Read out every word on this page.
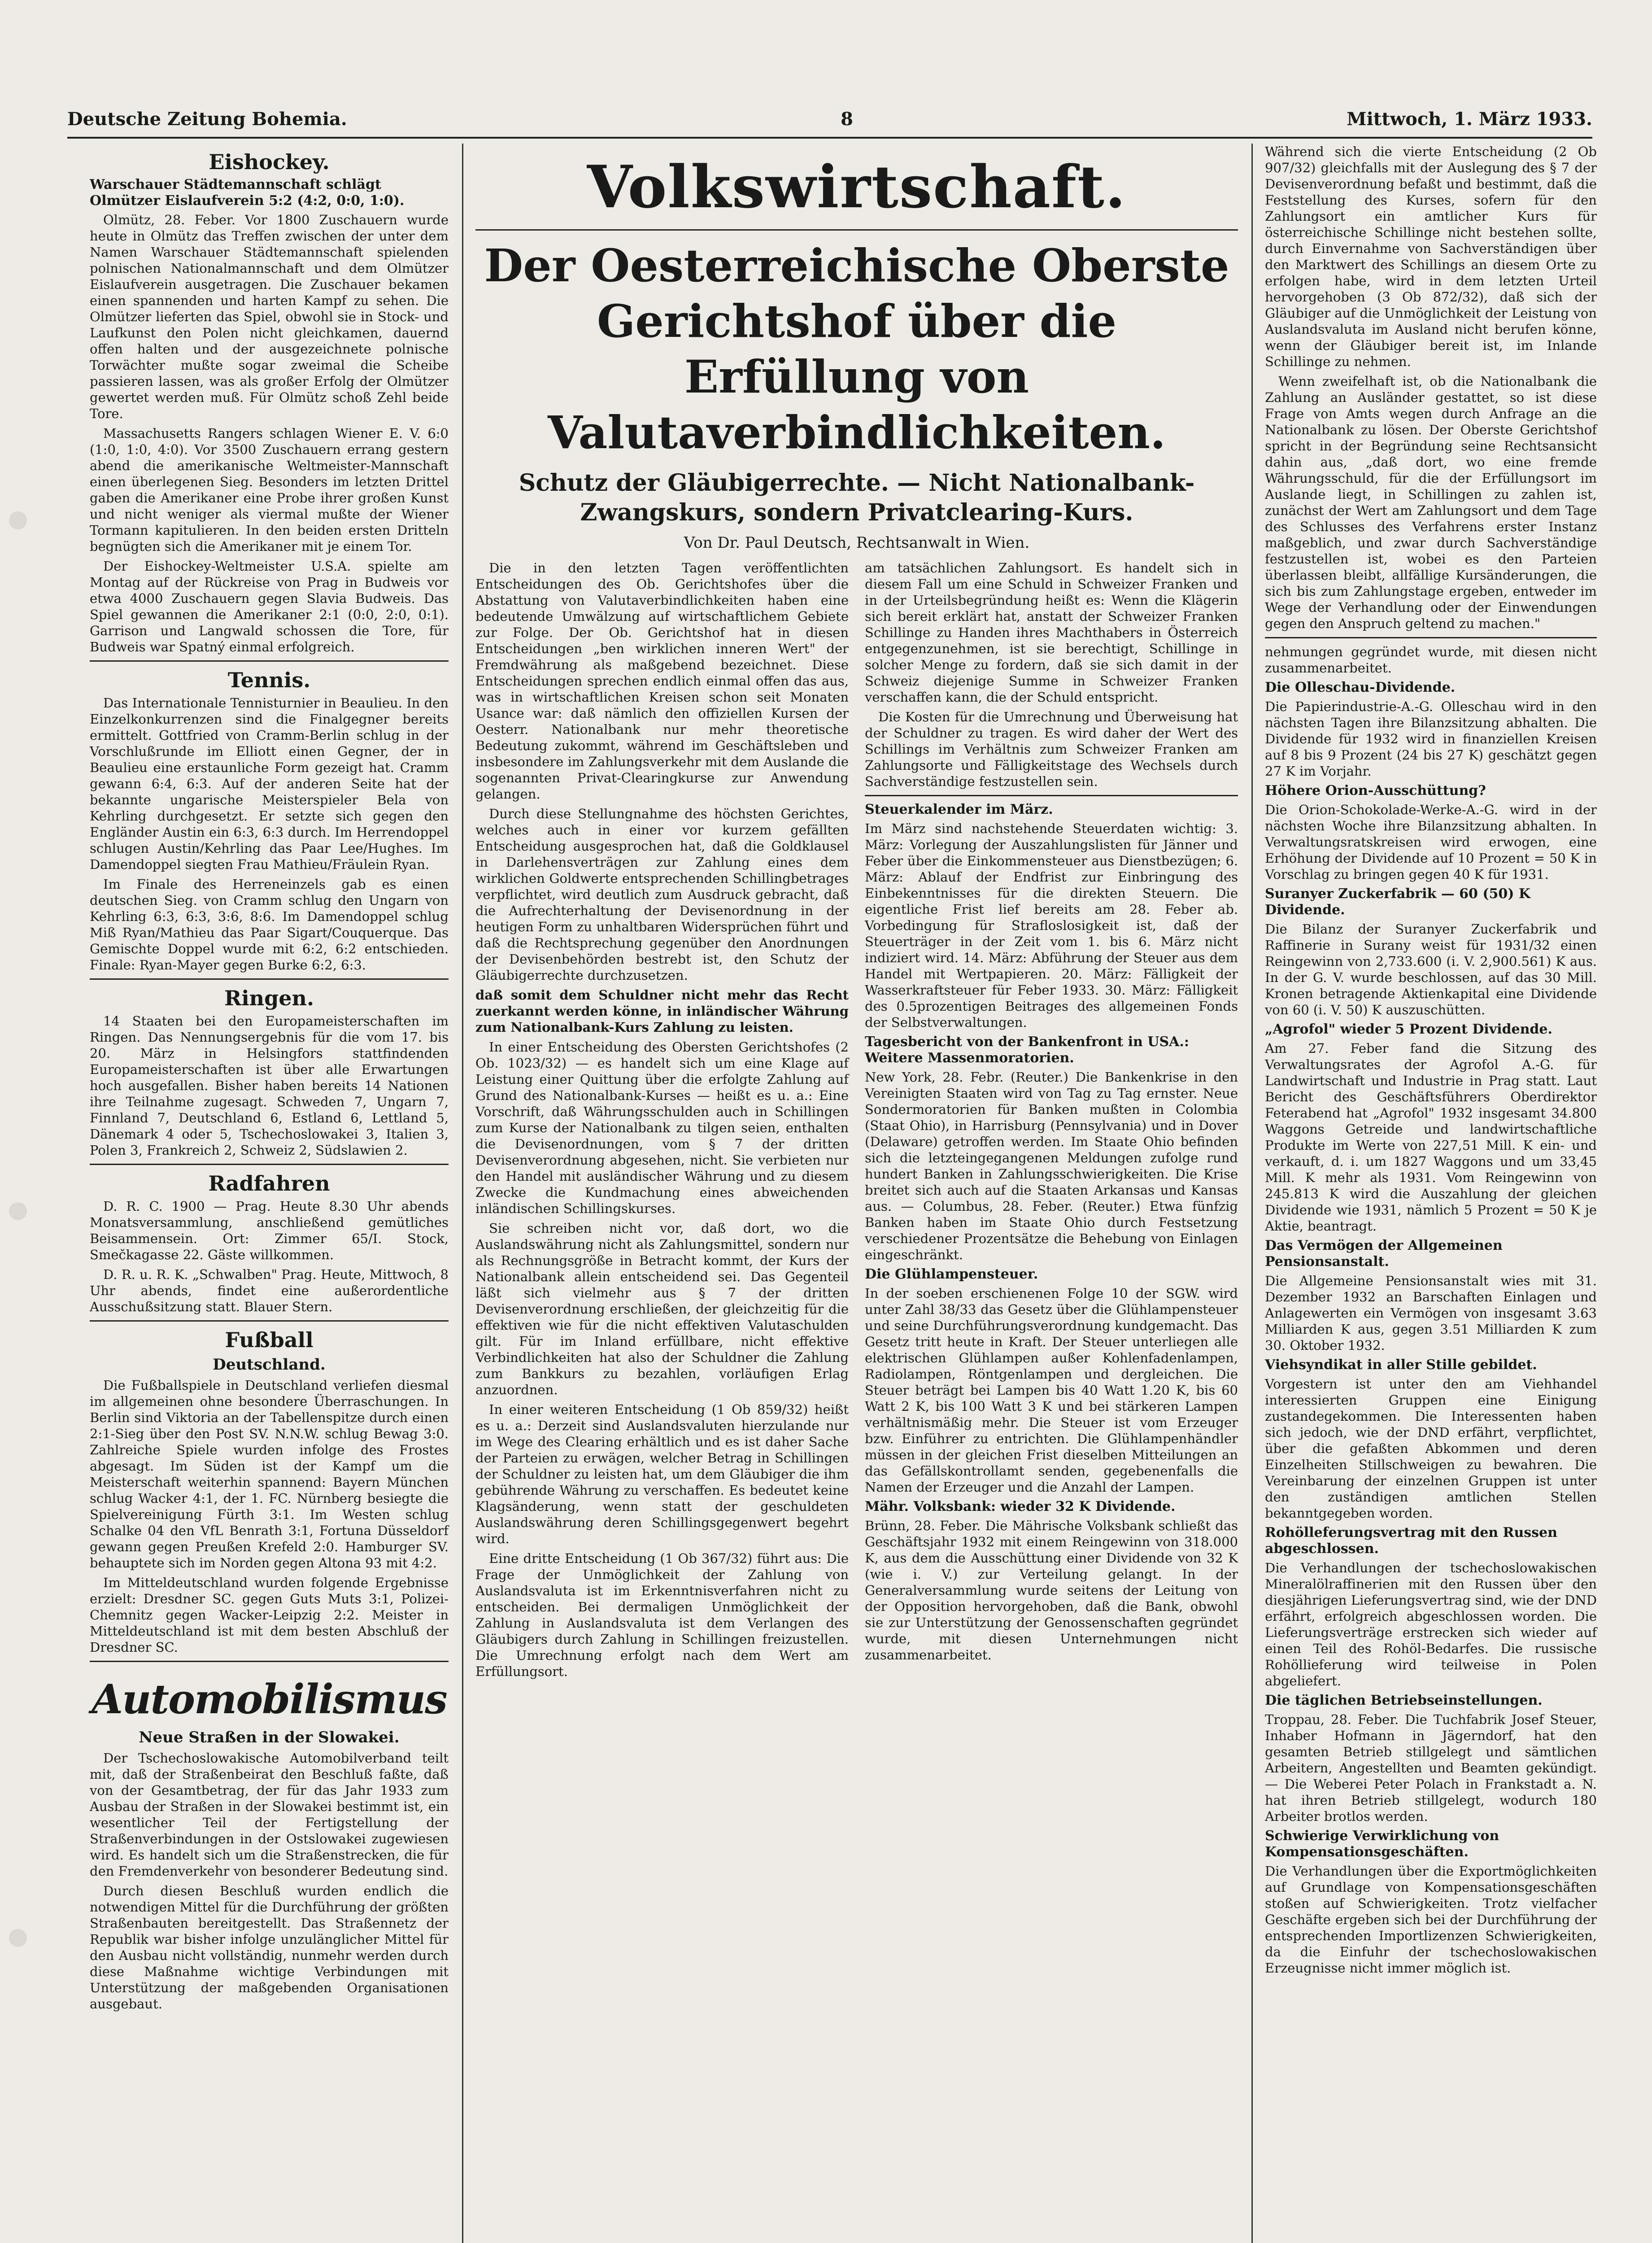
Deutsche Zeitung Bohemia.	8	Mittwoch, 1. März 1933.
Eishockey.
Warschauer Städtemannschaft schlägt Olmützer Eislaufverein 5:2 (4:2, 0:0, 1:0).

Olmütz, 28. Feber. Vor 1800 Zuschauern wurde heute in Olmütz das Treffen zwischen der unter dem Namen Warschauer Städtemannschaft spielenden polnischen Nationalmannschaft und dem Olmützer Eislaufverein ausgetragen. Die Zuschauer bekamen einen spannenden und harten Kampf zu sehen. Die Olmützer lieferten das Spiel, obwohl sie in Stock- und Laufkunst den Polen nicht gleichkamen, dauernd offen halten und der ausgezeichnete polnische Torwächter mußte sogar zweimal die Scheibe passieren lassen, was als großer Erfolg der Olmützer gewertet werden muß. Für Olmütz schoß Zehl beide Tore.

Massachusetts Rangers schlagen Wiener E. V. 6:0 (1:0, 1:0, 4:0). Vor 3500 Zuschauern errang gestern abend die amerikanische Weltmeister-Mannschaft einen überlegenen Sieg. Besonders im letzten Drittel gaben die Amerikaner eine Probe ihrer großen Kunst und nicht weniger als viermal mußte der Wiener Tormann kapitulieren. In den beiden ersten Dritteln begnügten sich die Amerikaner mit je einem Tor.

Der Eishockey-Weltmeister U.S.A. spielte am Montag auf der Rückreise von Prag in Budweis vor etwa 4000 Zuschauern gegen Slavia Budweis. Das Spiel gewannen die Amerikaner 2:1 (0:0, 2:0, 0:1). Garrison und Langwald schossen die Tore, für Budweis war Spatný einmal erfolgreich.

Tennis.

Das Internationale Tennisturnier in Beaulieu. In den Einzelkonkurrenzen sind die Finalgegner bereits ermittelt. Gottfried von Cramm-Berlin schlug in der Vorschlußrunde im Elliott einen Gegner, der in Beaulieu eine erstaunliche Form gezeigt hat. Cramm gewann 6:4, 6:3. Auf der anderen Seite hat der bekannte ungarische Meisterspieler Bela von Kehrling durchgesetzt. Er setzte sich gegen den Engländer Austin ein 6:3, 6:3 durch. Im Herrendoppel schlugen Austin/Kehrling das Paar Lee/Hughes. Im Damendoppel siegten Frau Mathieu/Fräulein Ryan.

Im Finale des Herreneinzels gab es einen deutschen Sieg. von Cramm schlug den Ungarn von Kehrling 6:3, 6:3, 3:6, 8:6. Im Damendoppel schlug Miß Ryan/Mathieu das Paar Sigart/Couquerque. Das Gemischte Doppel wurde mit 6:2, 6:2 entschieden. Finale: Ryan-Mayer gegen Burke 6:2, 6:3.

Ringen.

14 Staaten bei den Europameisterschaften im Ringen. Das Nennungsergebnis für die vom 17. bis 20. März in Helsingfors stattfindenden Europameisterschaften ist über alle Erwartungen hoch ausgefallen. Bisher haben bereits 14 Nationen ihre Teilnahme zugesagt. Schweden 7, Ungarn 7, Finnland 7, Deutschland 6, Estland 6, Lettland 5, Dänemark 4 oder 5, Tschechoslowakei 3, Italien 3, Polen 3, Frankreich 2, Schweiz 2, Südslawien 2.

Radfahren

D. R. C. 1900 — Prag. Heute 8.30 Uhr abends Monatsversammlung, anschließend gemütliches Beisammensein. Ort: Zimmer 65/I. Stock, Smečkagasse 22. Gäste willkommen.

D. R. u. R. K. „Schwalben" Prag. Heute, Mittwoch, 8 Uhr abends, findet eine außerordentliche Ausschußsitzung statt. Blauer Stern.

Fußball
Deutschland.

Die Fußballspiele in Deutschland verliefen diesmal im allgemeinen ohne besondere Überraschungen. In Berlin sind Viktoria an der Tabellenspitze durch einen 2:1-Sieg über den Post SV. N.N.W. schlug Bewag 3:0. Zahlreiche Spiele wurden infolge des Frostes abgesagt. Im Süden ist der Kampf um die Meisterschaft weiterhin spannend: Bayern München schlug Wacker 4:1, der 1. FC. Nürnberg besiegte die Spielvereinigung Fürth 3:1. Im Westen schlug Schalke 04 den VfL Benrath 3:1, Fortuna Düsseldorf gewann gegen Preußen Krefeld 2:0. Hamburger SV. behauptete sich im Norden gegen Altona 93 mit 4:2.

Im Mitteldeutschland wurden folgende Ergebnisse erzielt: Dresdner SC. gegen Guts Muts 3:1, Polizei-Chemnitz gegen Wacker-Leipzig 2:2. Meister in Mitteldeutschland ist mit dem besten Abschluß der Dresdner SC.

Automobilismus
Neue Straßen in der Slowakei.

Der Tschechoslowakische Automobilverband teilt mit, daß der Straßenbeirat den Beschluß faßte, daß von der Gesamtbetrag, der für das Jahr 1933 zum Ausbau der Straßen in der Slowakei bestimmt ist, ein wesentlicher Teil der Fertigstellung der Straßenverbindungen in der Ostslowakei zugewiesen wird. Es handelt sich um die Straßenstrecken, die für den Fremdenverkehr von besonderer Bedeutung sind.

Durch diesen Beschluß wurden endlich die notwendigen Mittel für die Durchführung der größten Straßenbauten bereitgestellt. Das Straßennetz der Republik war bisher infolge unzulänglicher Mittel für den Ausbau nicht vollständig, nunmehr werden durch diese Maßnahme wichtige Verbindungen mit Unterstützung der maßgebenden Organisationen ausgebaut.

Volkswirtschaft.
Der Oesterreichische Oberste Gerichtshof über die Erfüllung von Valutaverbindlichkeiten.
Schutz der Gläubigerrechte. — Nicht Nationalbank-Zwangskurs, sondern Privatclearing-Kurs.
Von Dr. Paul Deutsch, Rechtsanwalt in Wien.

Die in den letzten Tagen veröffentlichten Entscheidungen des Ob. Gerichtshofes über die Abstattung von Valutaverbindlichkeiten haben eine bedeutende Umwälzung auf wirtschaftlichem Gebiete zur Folge. Der Ob. Gerichtshof hat in diesen Entscheidungen „ben wirklichen inneren Wert" der Fremdwährung als maßgebend bezeichnet. Diese Entscheidungen sprechen endlich einmal offen das aus, was in wirtschaftlichen Kreisen schon seit Monaten Usance war: daß nämlich den offiziellen Kursen der Oesterr. Nationalbank nur mehr theoretische Bedeutung zukommt, während im Geschäftsleben und insbesondere im Zahlungsverkehr mit dem Auslande die sogenannten Privat-Clearingkurse zur Anwendung gelangen.

Durch diese Stellungnahme des höchsten Gerichtes, welches auch in einer vor kurzem gefällten Entscheidung ausgesprochen hat, daß die Goldklausel in Darlehensverträgen zur Zahlung eines dem wirklichen Goldwerte entsprechenden Schillingbetrages verpflichtet, wird deutlich zum Ausdruck gebracht, daß die Aufrechterhaltung der Devisenordnung in der heutigen Form zu unhaltbaren Widersprüchen führt und daß die Rechtsprechung gegenüber den Anordnungen der Devisenbehörden bestrebt ist, den Schutz der Gläubigerrechte durchzusetzen.

daß somit dem Schuldner nicht mehr das Recht zuerkannt werden könne, in inländischer Währung zum Nationalbank-Kurs Zahlung zu leisten.

In einer Entscheidung des Obersten Gerichtshofes (2 Ob. 1023/32) — es handelt sich um eine Klage auf Leistung einer Quittung über die erfolgte Zahlung auf Grund des Nationalbank-Kurses — heißt es u. a.: Eine Vorschrift, daß Währungsschulden auch in Schillingen zum Kurse der Nationalbank zu tilgen seien, enthalten die Devisenordnungen, vom § 7 der dritten Devisenverordnung abgesehen, nicht. Sie verbieten nur den Handel mit ausländischer Währung und zu diesem Zwecke die Kundmachung eines abweichenden inländischen Schillingskurses.

Sie schreiben nicht vor, daß dort, wo die Auslandswährung nicht als Zahlungsmittel, sondern nur als Rechnungsgröße in Betracht kommt, der Kurs der Nationalbank allein entscheidend sei. Das Gegenteil läßt sich vielmehr aus § 7 der dritten Devisenverordnung erschließen, der gleichzeitig für die effektiven wie für die nicht effektiven Valutaschulden gilt. Für im Inland erfüllbare, nicht effektive Verbindlichkeiten hat also der Schuldner die Zahlung zum Bankkurs zu bezahlen, vorläufigen Erlag anzuordnen.

In einer weiteren Entscheidung (1 Ob 859/32) heißt es u. a.: Derzeit sind Auslandsvaluten hierzulande nur im Wege des Clearing erhältlich und es ist daher Sache der Parteien zu erwägen, welcher Betrag in Schillingen der Schuldner zu leisten hat, um dem Gläubiger die ihm gebührende Währung zu verschaffen. Es bedeutet keine Klagsänderung, wenn statt der geschuldeten Auslandswährung deren Schillingsgegenwert begehrt wird.

Eine dritte Entscheidung (1 Ob 367/32) führt aus: Die Frage der Unmöglichkeit der Zahlung von Auslandsvaluta ist im Erkenntnisverfahren nicht zu entscheiden. Bei dermaligen Unmöglichkeit der Zahlung in Auslandsvaluta ist dem Verlangen des Gläubigers durch Zahlung in Schillingen freizustellen. Die Umrechnung erfolgt nach dem Wert am Erfüllungsort.

am tatsächlichen Zahlungsort. Es handelt sich in diesem Fall um eine Schuld in Schweizer Franken und in der Urteilsbegründung heißt es: Wenn die Klägerin sich bereit erklärt hat, anstatt der Schweizer Franken Schillinge zu Handen ihres Machthabers in Österreich entgegenzunehmen, ist sie berechtigt, Schillinge in solcher Menge zu fordern, daß sie sich damit in der Schweiz diejenige Summe in Schweizer Franken verschaffen kann, die der Schuld entspricht.

Die Kosten für die Umrechnung und Überweisung hat der Schuldner zu tragen. Es wird daher der Wert des Schillings im Verhältnis zum Schweizer Franken am Zahlungsorte und Fälligkeitstage des Wechsels durch Sachverständige festzustellen sein.

Steuerkalender im März.

Im März sind nachstehende Steuerdaten wichtig: 3. März: Vorlegung der Auszahlungslisten für Jänner und Feber über die Einkommensteuer aus Dienstbezügen; 6. März: Ablauf der Endfrist zur Einbringung des Einbekenntnisses für die direkten Steuern. Die eigentliche Frist lief bereits am 28. Feber ab. Vorbedingung für Strafloslosigkeit ist, daß der Steuerträger in der Zeit vom 1. bis 6. März nicht indiziert wird. 14. März: Abführung der Steuer aus dem Handel mit Wertpapieren. 20. März: Fälligkeit der Wasserkraftsteuer für Feber 1933. 30. März: Fälligkeit des 0.5prozentigen Beitrages des allgemeinen Fonds der Selbstverwaltungen.

Tagesbericht von der Bankenfront in USA.: Weitere Massenmoratorien.

New York, 28. Febr. (Reuter.) Die Bankenkrise in den Vereinigten Staaten wird von Tag zu Tag ernster. Neue Sondermoratorien für Banken mußten in Colombia (Staat Ohio), in Harrisburg (Pennsylvania) und in Dover (Delaware) getroffen werden. Im Staate Ohio befinden sich die letzteingegangenen Meldungen zufolge rund hundert Banken in Zahlungsschwierigkeiten. Die Krise breitet sich auch auf die Staaten Arkansas und Kansas aus. — Columbus, 28. Feber. (Reuter.) Etwa fünfzig Banken haben im Staate Ohio durch Festsetzung verschiedener Prozentsätze die Behebung von Einlagen eingeschränkt.

Die Glühlampensteuer.

In der soeben erschienenen Folge 10 der SGW. wird unter Zahl 38/33 das Gesetz über die Glühlampensteuer und seine Durchführungsverordnung kundgemacht. Das Gesetz tritt heute in Kraft. Der Steuer unterliegen alle elektrischen Glühlampen außer Kohlenfadenlampen, Radiolampen, Röntgenlampen und dergleichen. Die Steuer beträgt bei Lampen bis 40 Watt 1.20 K, bis 60 Watt 2 K, bis 100 Watt 3 K und bei stärkeren Lampen verhältnismäßig mehr. Die Steuer ist vom Erzeuger bzw. Einführer zu entrichten. Die Glühlampenhändler müssen in der gleichen Frist dieselben Mitteilungen an das Gefällskontrollamt senden, gegebenenfalls die Namen der Erzeuger und die Anzahl der Lampen.

Mähr. Volksbank: wieder 32 K Dividende.

Brünn, 28. Feber. Die Mährische Volksbank schließt das Geschäftsjahr 1932 mit einem Reingewinn von 318.000 K, aus dem die Ausschüttung einer Dividende von 32 K (wie i. V.) zur Verteilung gelangt. In der Generalversammlung wurde seitens der Leitung von der Opposition hervorgehoben, daß die Bank, obwohl sie zur Unterstützung der Genossenschaften gegründet wurde, mit diesen Unternehmungen nicht zusammenarbeitet.

Während sich die vierte Entscheidung (2 Ob 907/32) gleichfalls mit der Auslegung des § 7 der Devisenverordnung befaßt und bestimmt, daß die Feststellung des Kurses, sofern für den Zahlungsort ein amtlicher Kurs für österreichische Schillinge nicht bestehen sollte, durch Einvernahme von Sachverständigen über den Marktwert des Schillings an diesem Orte zu erfolgen habe, wird in dem letzten Urteil hervorgehoben (3 Ob 872/32), daß sich der Gläubiger auf die Unmöglichkeit der Leistung von Auslandsvaluta im Ausland nicht berufen könne, wenn der Gläubiger bereit ist, im Inlande Schillinge zu nehmen.

Wenn zweifelhaft ist, ob die Nationalbank die Zahlung an Ausländer gestattet, so ist diese Frage von Amts wegen durch Anfrage an die Nationalbank zu lösen. Der Oberste Gerichtshof spricht in der Begründung seine Rechtsansicht dahin aus, „daß dort, wo eine fremde Währungsschuld, für die der Erfüllungsort im Auslande liegt, in Schillingen zu zahlen ist, zunächst der Wert am Zahlungsort und dem Tage des Schlusses des Verfahrens erster Instanz maßgeblich, und zwar durch Sachverständige festzustellen ist, wobei es den Parteien überlassen bleibt, allfällige Kursänderungen, die sich bis zum Zahlungstage ergeben, entweder im Wege der Verhandlung oder der Einwendungen gegen den Anspruch geltend zu machen."

nehmungen gegründet wurde, mit diesen nicht zusammenarbeitet.

Die Olleschau-Dividende.

Die Papierindustrie-A.-G. Olleschau wird in den nächsten Tagen ihre Bilanzsitzung abhalten. Die Dividende für 1932 wird in finanziellen Kreisen auf 8 bis 9 Prozent (24 bis 27 K) geschätzt gegen 27 K im Vorjahr.

Höhere Orion-Ausschüttung?

Die Orion-Schokolade-Werke-A.-G. wird in der nächsten Woche ihre Bilanzsitzung abhalten. In Verwaltungsratskreisen wird erwogen, eine Erhöhung der Dividende auf 10 Prozent = 50 K in Vorschlag zu bringen gegen 40 K für 1931.

Suranyer Zuckerfabrik — 60 (50) K Dividende.

Die Bilanz der Suranyer Zuckerfabrik und Raffinerie in Surany weist für 1931/32 einen Reingewinn von 2,733.600 (i. V. 2,900.561) K aus. In der G. V. wurde beschlossen, auf das 30 Mill. Kronen betragende Aktienkapital eine Dividende von 60 (i. V. 50) K auszuschütten.

„Agrofol" wieder 5 Prozent Dividende.

Am 27. Feber fand die Sitzung des Verwaltungsrates der Agrofol A.-G. für Landwirtschaft und Industrie in Prag statt. Laut Bericht des Geschäftsführers Oberdirektor Feterabend hat „Agrofol" 1932 insgesamt 34.800 Waggons Getreide und landwirtschaftliche Produkte im Werte von 227,51 Mill. K ein- und verkauft, d. i. um 1827 Waggons und um 33,45 Mill. K mehr als 1931. Vom Reingewinn von 245.813 K wird die Auszahlung der gleichen Dividende wie 1931, nämlich 5 Prozent = 50 K je Aktie, beantragt.

Das Vermögen der Allgemeinen Pensionsanstalt.

Die Allgemeine Pensionsanstalt wies mit 31. Dezember 1932 an Barschaften Einlagen und Anlagewerten ein Vermögen von insgesamt 3.63 Milliarden K aus, gegen 3.51 Milliarden K zum 30. Oktober 1932.

Viehsyndikat in aller Stille gebildet.

Vorgestern ist unter den am Viehhandel interessierten Gruppen eine Einigung zustandegekommen. Die Interessenten haben sich jedoch, wie der DND erfährt, verpflichtet, über die gefaßten Abkommen und deren Einzelheiten Stillschweigen zu bewahren. Die Vereinbarung der einzelnen Gruppen ist unter den zuständigen amtlichen Stellen bekanntgegeben worden.

Rohölleferungsvertrag mit den Russen abgeschlossen.

Die Verhandlungen der tschechoslowakischen Mineralölraffinerien mit den Russen über den diesjährigen Lieferungsvertrag sind, wie der DND erfährt, erfolgreich abgeschlossen worden. Die Lieferungsverträge erstrecken sich wieder auf einen Teil des Rohöl-Bedarfes. Die russische Rohöllieferung wird teilweise in Polen abgeliefert.

Die täglichen Betriebseinstellungen.

Troppau, 28. Feber. Die Tuchfabrik Josef Steuer, Inhaber Hofmann in Jägerndorf, hat den gesamten Betrieb stillgelegt und sämtlichen Arbeitern, Angestellten und Beamten gekündigt. — Die Weberei Peter Polach in Frankstadt a. N. hat ihren Betrieb stillgelegt, wodurch 180 Arbeiter brotlos werden.

Schwierige Verwirklichung von Kompensationsgeschäften.

Die Verhandlungen über die Exportmöglichkeiten auf Grundlage von Kompensationsgeschäften stoßen auf Schwierigkeiten. Trotz vielfacher Geschäfte ergeben sich bei der Durchführung der entsprechenden Importlizenzen Schwierigkeiten, da die Einfuhr der tschechoslowakischen Erzeugnisse nicht immer möglich ist.
